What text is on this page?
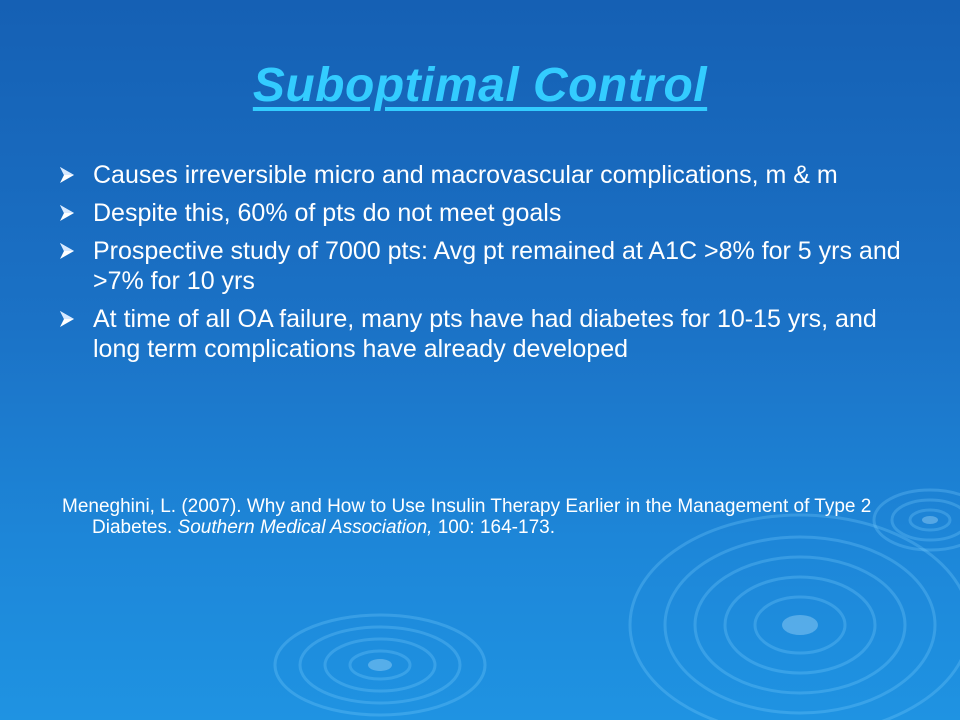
Suboptimal Control
Causes irreversible micro and macrovascular complications, m & m
Despite this, 60% of pts do not meet goals
Prospective study of 7000 pts: Avg pt remained at A1C >8% for 5 yrs and >7% for 10 yrs
At time of all OA failure, many pts have had diabetes for 10-15 yrs, and long term complications have already developed

Meneghini, L. (2007). Why and How to Use Insulin Therapy Earlier in the Management of Type 2 Diabetes. Southern Medical Association, 100: 164-173.
